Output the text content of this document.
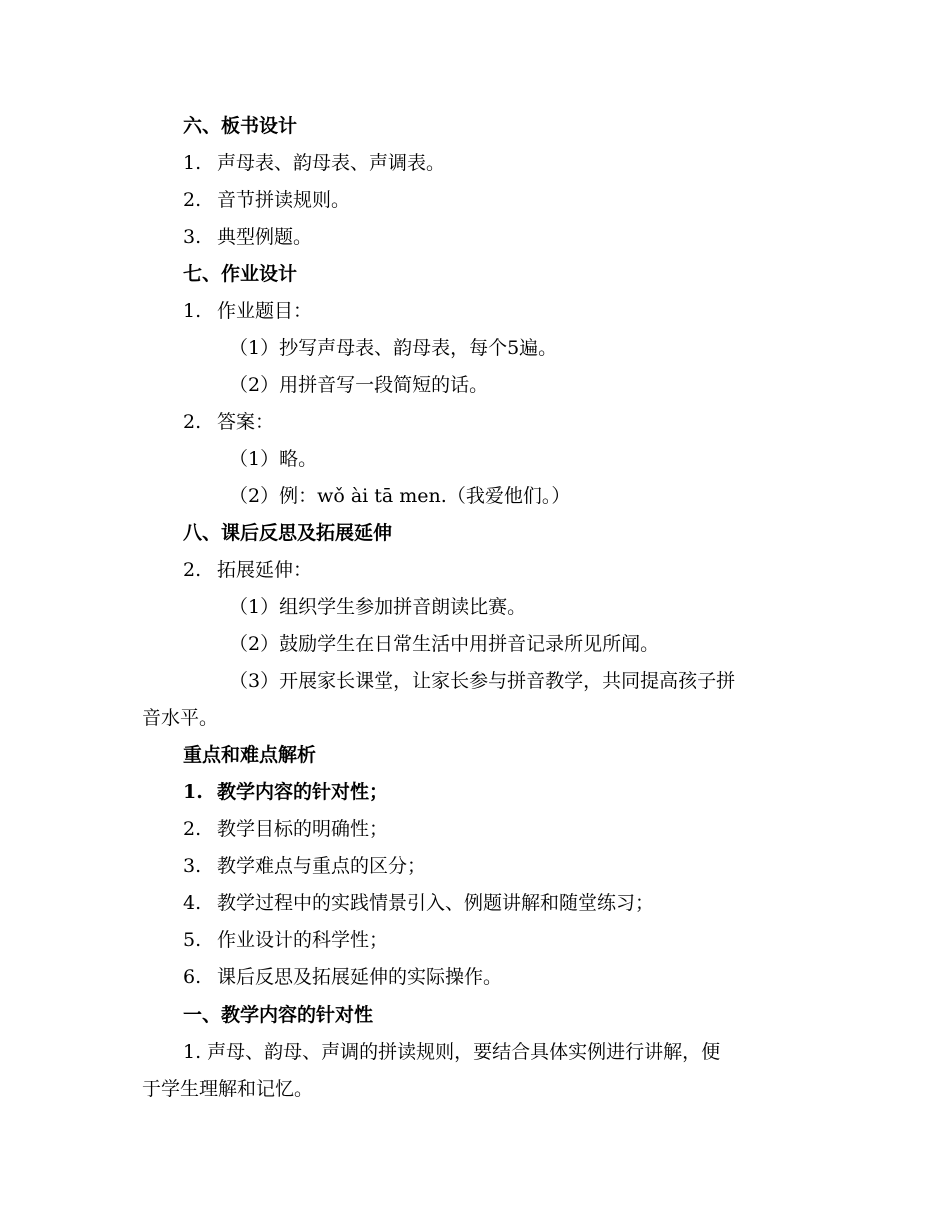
六、板书设计
1. 声母表、韵母表、声调表。
2. 音节拼读规则。
3. 典型例题。
七、作业设计
1. 作业题目：
（1）抄写声母表、韵母表，每个5遍。
（2）用拼音写一段简短的话。
2. 答案：
（1）略。
（2）例：wǒ ài tā men.（我爱他们。）
八、课后反思及拓展延伸
2. 拓展延伸：
（1）组织学生参加拼音朗读比赛。
（2）鼓励学生在日常生活中用拼音记录所见所闻。
（3）开展家长课堂，让家长参与拼音教学，共同提高孩子拼
音水平。
重点和难点解析
1. 教学内容的针对性；
2. 教学目标的明确性；
3. 教学难点与重点的区分；
4. 教学过程中的实践情景引入、例题讲解和随堂练习；
5. 作业设计的科学性；
6. 课后反思及拓展延伸的实际操作。
一、教学内容的针对性
1. 声母、韵母、声调的拼读规则，要结合具体实例进行讲解，便
于学生理解和记忆。
